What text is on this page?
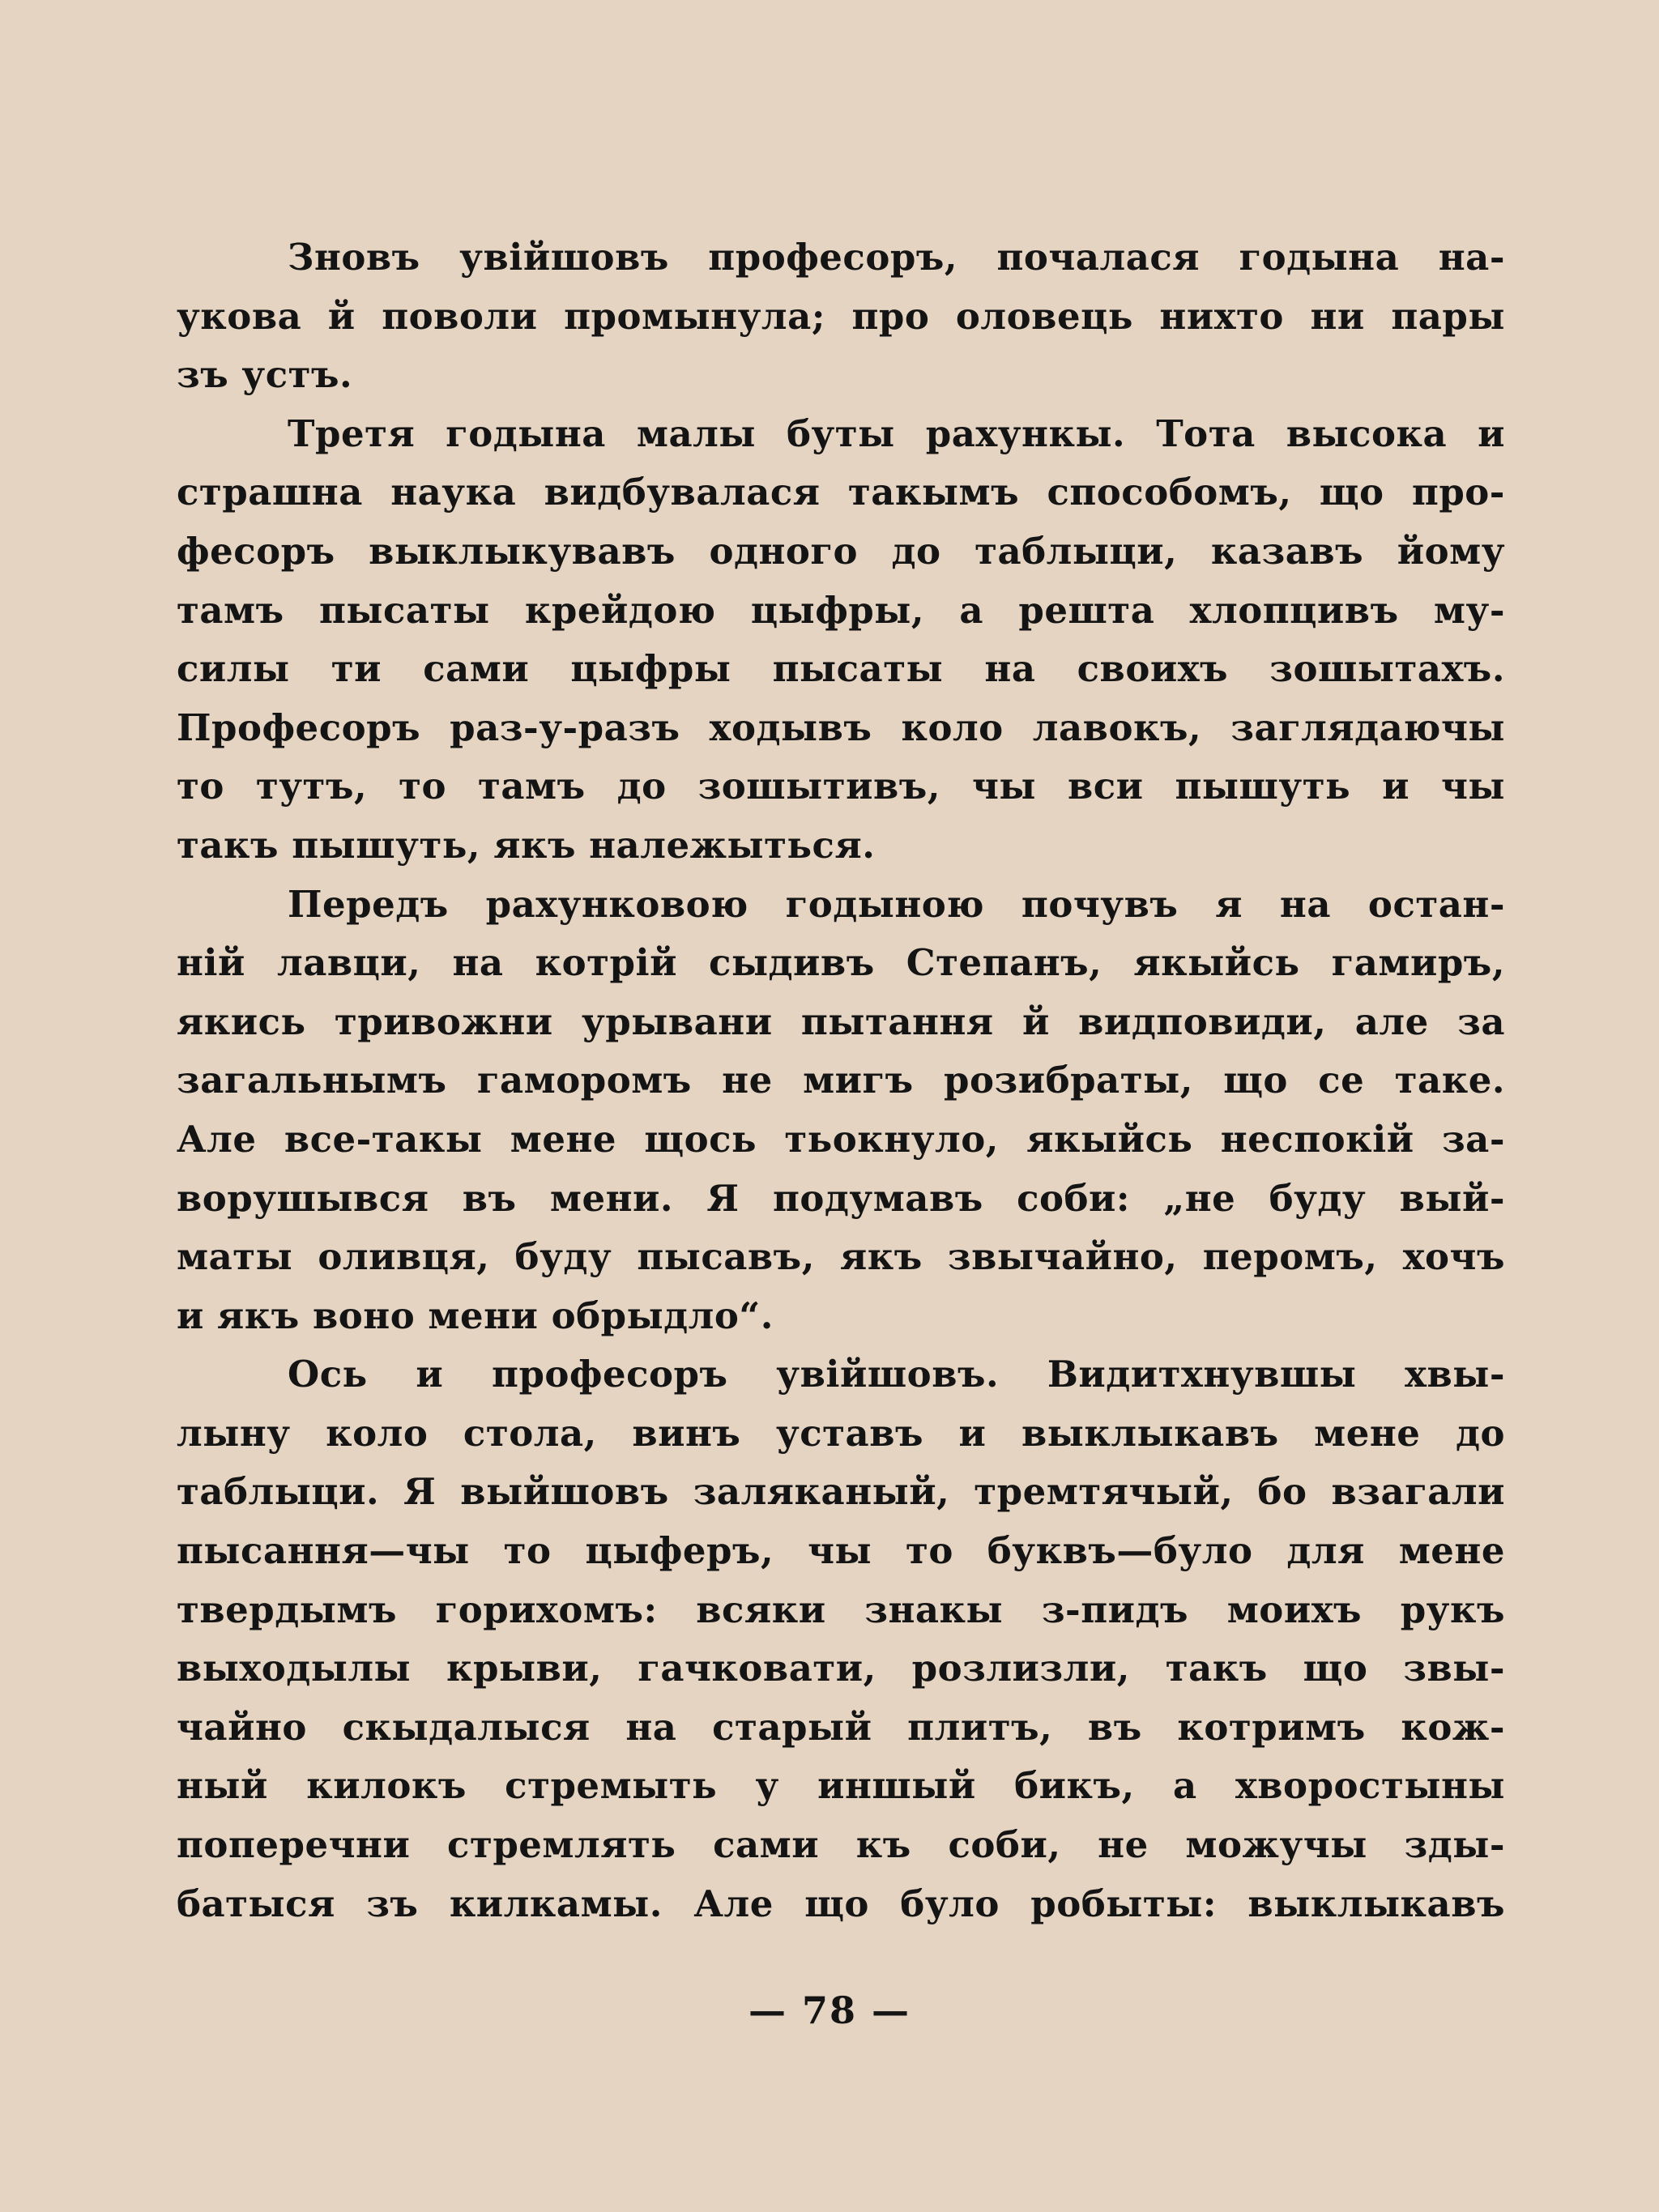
Зновъ увійшовъ професоръ, почалася годына на-
укова й поволи промынула; про оловець нихто ни пары
зъ устъ.
Третя годына малы буты рахункы. Тота высока и
страшна наука видбувалася такымъ способомъ, що про-
фесоръ выклыкувавъ одного до таблыци, казавъ йому
тамъ пысаты крейдою цыфры, а решта хлопцивъ му-
силы ти сами цыфры пысаты на своихъ зошытахъ.
Професоръ раз-у-разъ ходывъ коло лавокъ, заглядаючы
то тутъ, то тамъ до зошытивъ, чы вси пышуть и чы
такъ пышуть, якъ належыться.
Передъ рахунковою годыною почувъ я на остан-
ній лавци, на котрій сыдивъ Степанъ, якыйсь гамиръ,
якись тривожни урывани пытання й видповиди, але за
загальнымъ гаморомъ не мигъ розибраты, що се таке.
Але все-такы мене щось тьокнуло, якыйсь неспокій за-
ворушывся въ мени. Я подумавъ соби: „не буду вый-
маты оливця, буду пысавъ, якъ звычайно, перомъ, хочъ
и якъ воно мени обрыдло“.
Ось и професоръ увійшовъ. Видитхнувшы хвы-
лыну коло стола, винъ уставъ и выклыкавъ мене до
таблыци. Я выйшовъ заляканый, тремтячый, бо взагали
пысання—чы то цыферъ, чы то буквъ—було для мене
твердымъ горихомъ: всяки знакы з-пидъ моихъ рукъ
выходылы крыви, гачковати, розлизли, такъ що звы-
чайно скыдалыся на старый плитъ, въ котримъ кож-
ный килокъ стремыть у иншый бикъ, а хворостыны
поперечни стремлять сами къ соби, не можучы зды-
батыся зъ килкамы. Але що було робыты: выклыкавъ
— 78 —
